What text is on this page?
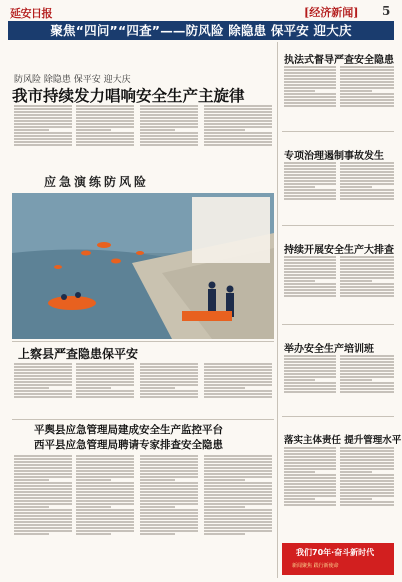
延安日报	[经济新闻] 5
聚焦“四问”“四查”——防风险 除隐患 保平安 迎大庆
防风险 除隐患 保平安 迎大庆
我市持续发力唱响安全生产主旋律
应急演练防风险
上察县严查隐患保平安
平舆县应急管理局建成安全生产监控平台
西平县应急管理局聘请专家排查安全隐患
执法式督导严查安全隐患
专项治理遏制事故发生
持续开展安全生产大排查
举办安全生产培训班
落实主体责任 提升管理水平
我们70年·奋斗新时代
新闻聚焦 践行新使命
